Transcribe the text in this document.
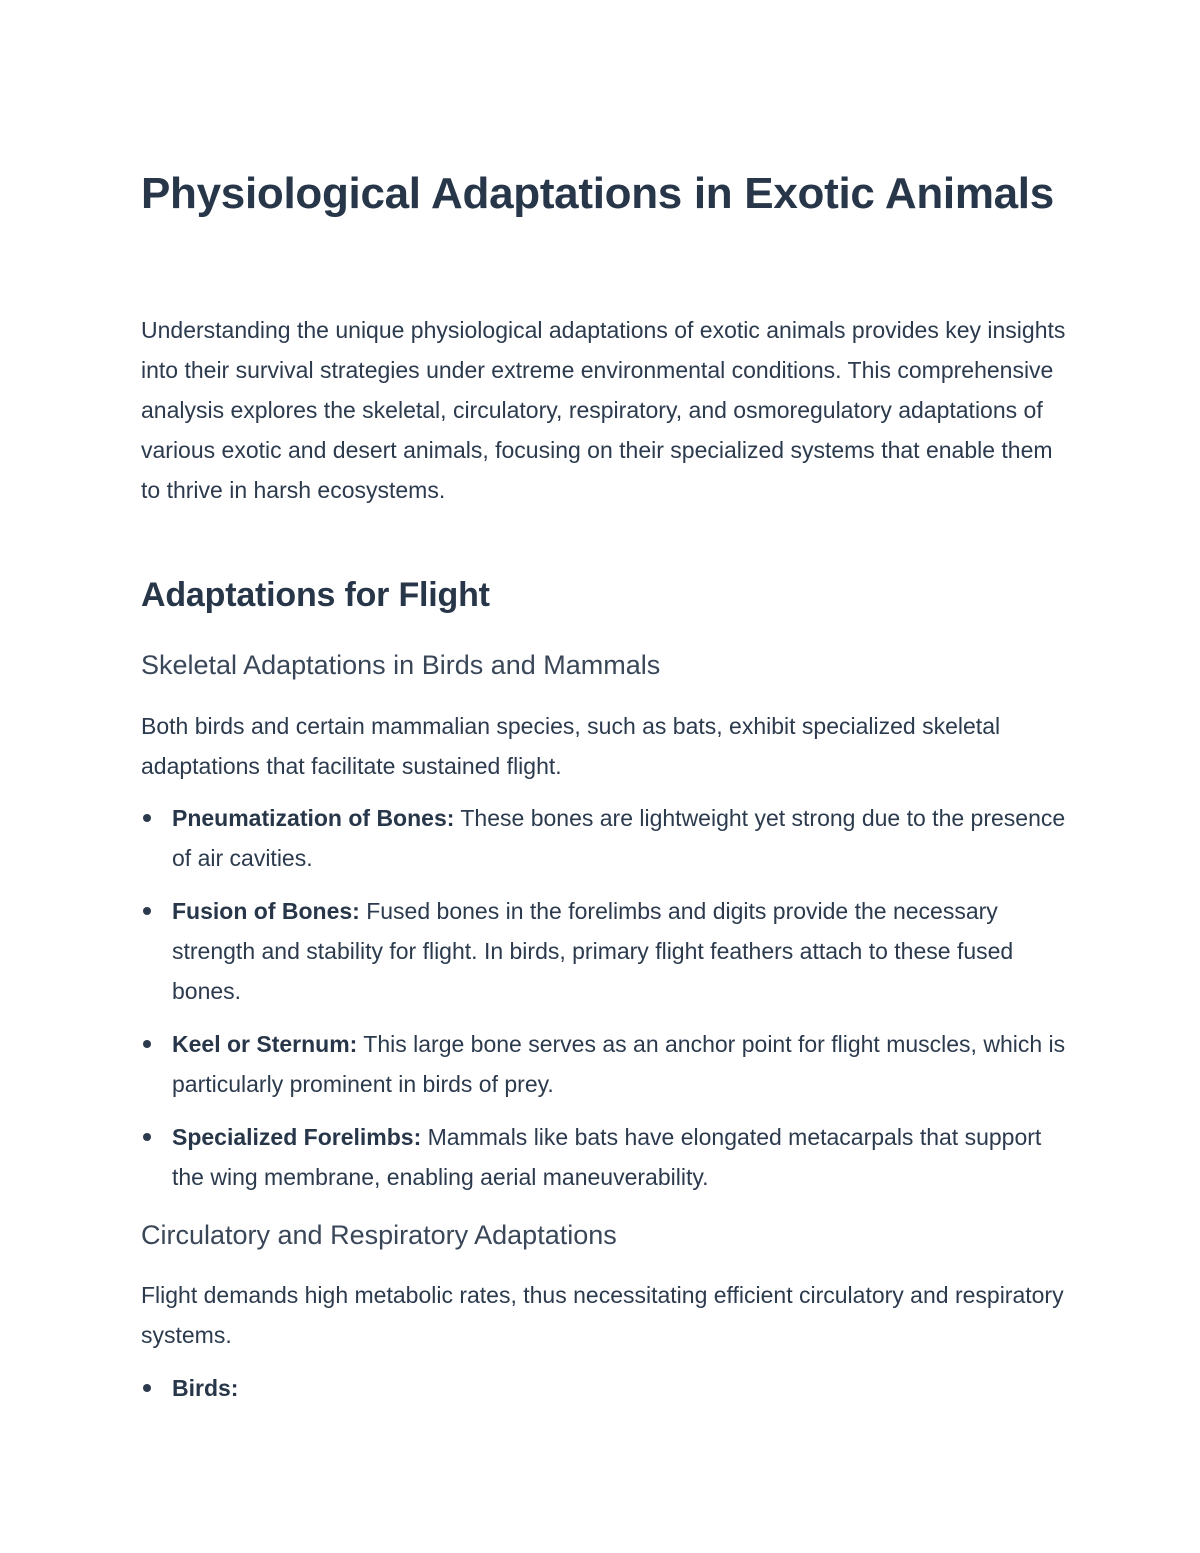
Physiological Adaptations in Exotic Animals

Understanding the unique physiological adaptations of exotic animals provides key insights into their survival strategies under extreme environmental conditions. This comprehensive analysis explores the skeletal, circulatory, respiratory, and osmoregulatory adaptations of various exotic and desert animals, focusing on their specialized systems that enable them to thrive in harsh ecosystems.

Adaptations for Flight
Skeletal Adaptations in Birds and Mammals

Both birds and certain mammalian species, such as bats, exhibit specialized skeletal adaptations that facilitate sustained flight.

Pneumatization of Bones: These bones are lightweight yet strong due to the presence of air cavities.
Fusion of Bones: Fused bones in the forelimbs and digits provide the necessary strength and stability for flight. In birds, primary flight feathers attach to these fused bones.
Keel or Sternum: This large bone serves as an anchor point for flight muscles, which is particularly prominent in birds of prey.
Specialized Forelimbs: Mammals like bats have elongated metacarpals that support the wing membrane, enabling aerial maneuverability.
Circulatory and Respiratory Adaptations

Flight demands high metabolic rates, thus necessitating efficient circulatory and respiratory systems.

Birds:
